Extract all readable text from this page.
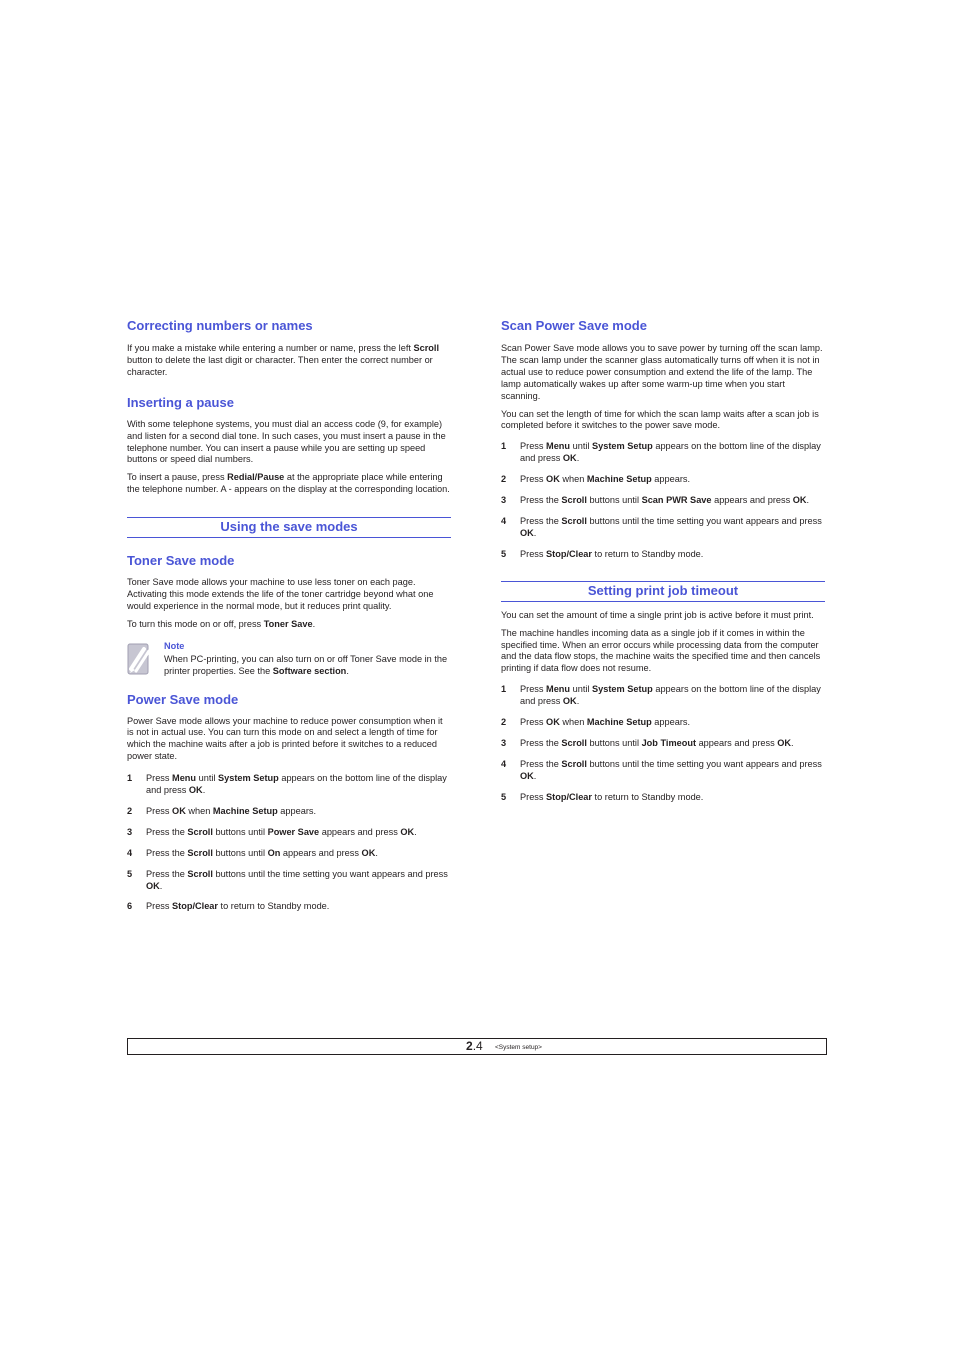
Correcting numbers or names

If you make a mistake while entering a number or name, press the left Scroll button to delete the last digit or character. Then enter the correct number or character.

Inserting a pause

With some telephone systems, you must dial an access code (9, for example) and listen for a second dial tone. In such cases, you must insert a pause in the telephone number. You can insert a pause while you are setting up speed buttons or speed dial numbers.

To insert a pause, press Redial/Pause at the appropriate place while entering the telephone number. A - appears on the display at the corresponding location.

Using the save modes
Toner Save mode

Toner Save mode allows your machine to use less toner on each page. Activating this mode extends the life of the toner cartridge beyond what one would experience in the normal mode, but it reduces print quality.

To turn this mode on or off, press Toner Save.

Note

When PC-printing, you can also turn on or off Toner Save mode in the printer properties. See the Software section.

Power Save mode

Power Save mode allows your machine to reduce power consumption when it is not in actual use. You can turn this mode on and select a length of time for which the machine waits after a job is printed before it switches to a reduced power state.

1 Press Menu until System Setup appears on the bottom line of the display and press OK.
2 Press OK when Machine Setup appears.
3 Press the Scroll buttons until Power Save appears and press OK.
4 Press the Scroll buttons until On appears and press OK.
5 Press the Scroll buttons until the time setting you want appears and press OK.
6 Press Stop/Clear to return to Standby mode.
Scan Power Save mode

Scan Power Save mode allows you to save power by turning off the scan lamp. The scan lamp under the scanner glass automatically turns off when it is not in actual use to reduce power consumption and extend the life of the lamp. The lamp automatically wakes up after some warm-up time when you start scanning.

You can set the length of time for which the scan lamp waits after a scan job is completed before it switches to the power save mode.

1 Press Menu until System Setup appears on the bottom line of the display and press OK.
2 Press OK when Machine Setup appears.
3 Press the Scroll buttons until Scan PWR Save appears and press OK.
4 Press the Scroll buttons until the time setting you want appears and press OK.
5 Press Stop/Clear to return to Standby mode.
Setting print job timeout

You can set the amount of time a single print job is active before it must print.

The machine handles incoming data as a single job if it comes in within the specified time. When an error occurs while processing data from the computer and the data flow stops, the machine waits the specified time and then cancels printing if data flow does not resume.

1 Press Menu until System Setup appears on the bottom line of the display and press OK.
2 Press OK when Machine Setup appears.
3 Press the Scroll buttons until Job Timeout appears and press OK.
4 Press the Scroll buttons until the time setting you want appears and press OK.
5 Press Stop/Clear to return to Standby mode.
2.4 <System setup>
